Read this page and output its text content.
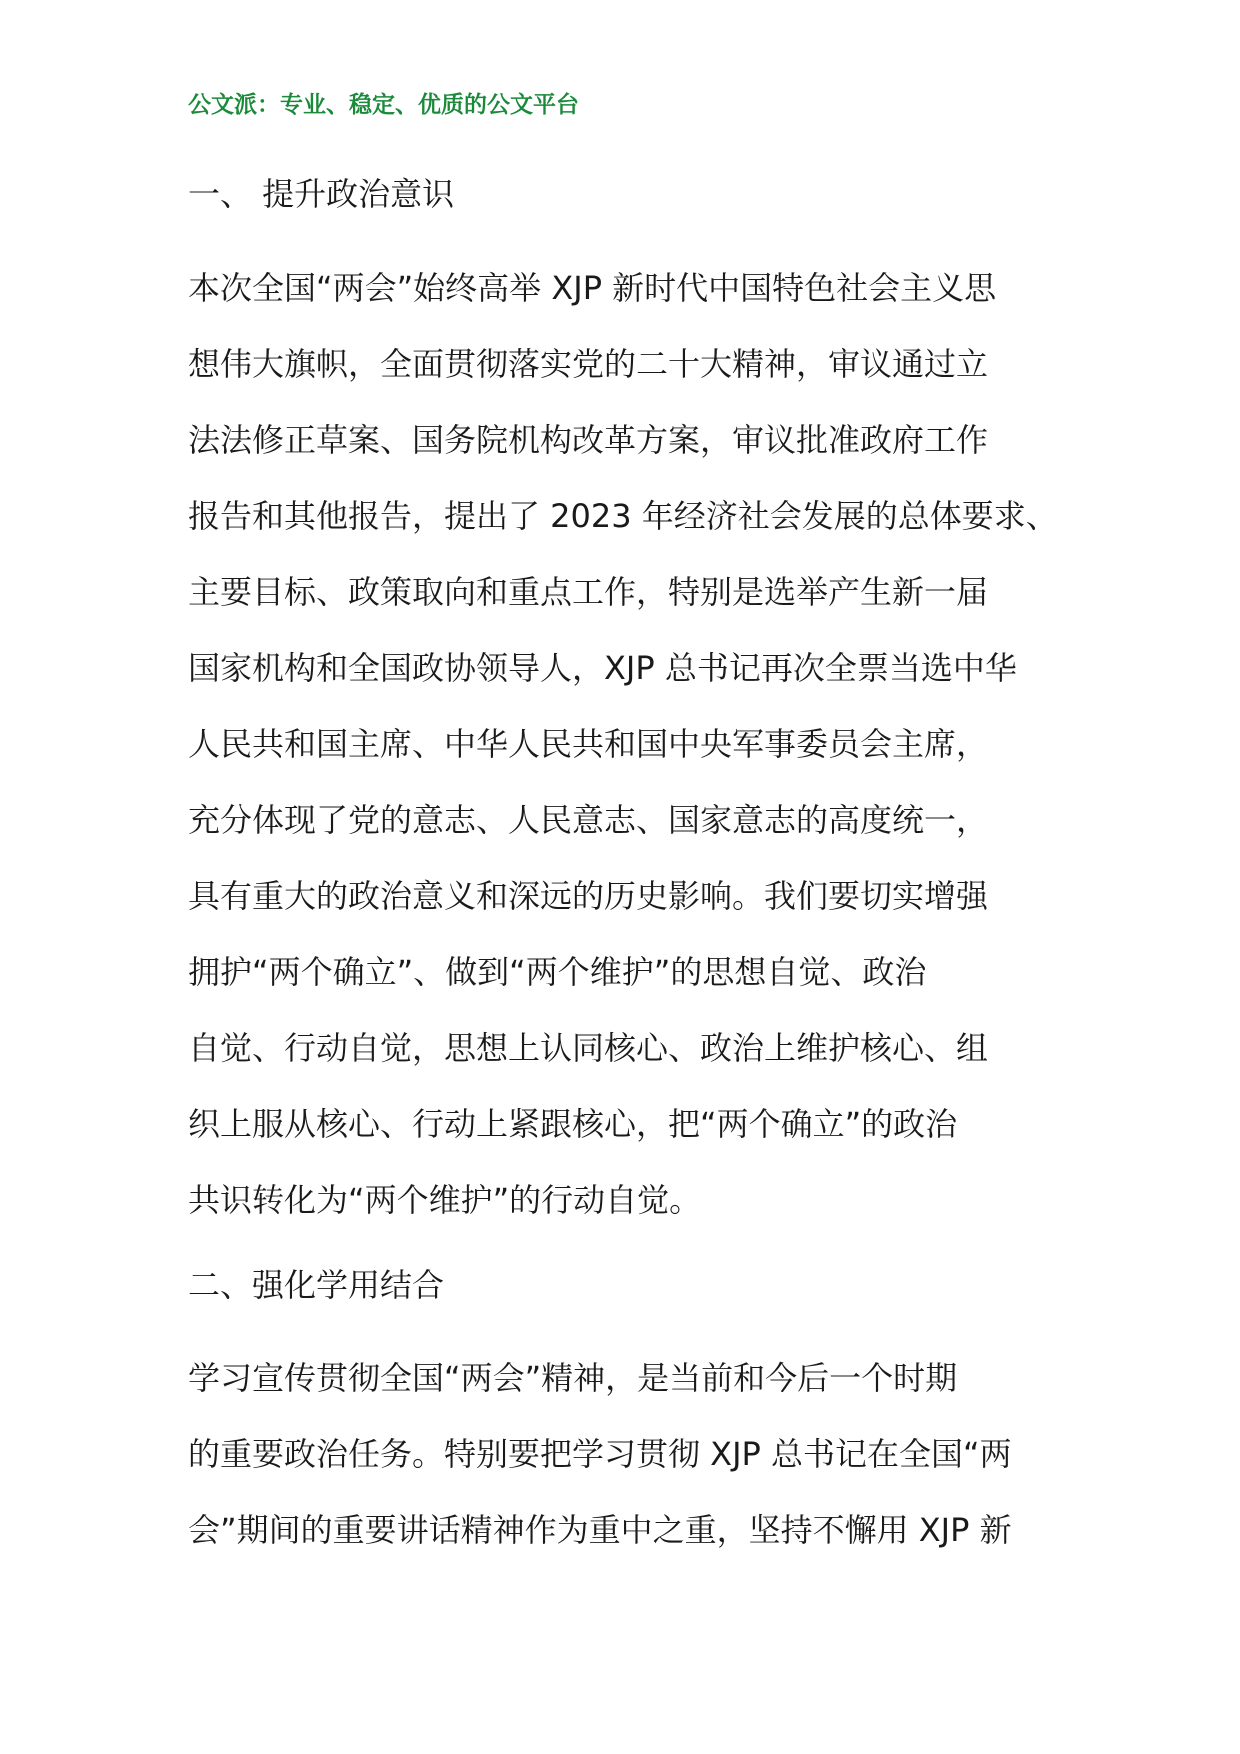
公文派：专业、稳定、优质的公文平台
一、 提升政治意识
本次全国“两会”始终高举 XJP 新时代中国特色社会主义思
想伟大旗帜，全面贯彻落实党的二十大精神，审议通过立
法法修正草案、国务院机构改革方案，审议批准政府工作
报告和其他报告，提出了 2023 年经济社会发展的总体要求、
主要目标、政策取向和重点工作，特别是选举产生新一届
国家机构和全国政协领导人，XJP 总书记再次全票当选中华
人民共和国主席、中华人民共和国中央军事委员会主席，
充分体现了党的意志、人民意志、国家意志的高度统一，
具有重大的政治意义和深远的历史影响。我们要切实增强
拥护“两个确立”、做到“两个维护”的思想自觉、政治
自觉、行动自觉，思想上认同核心、政治上维护核心、组
织上服从核心、行动上紧跟核心，把“两个确立”的政治
共识转化为“两个维护”的行动自觉。
二、强化学用结合
学习宣传贯彻全国“两会”精神，是当前和今后一个时期
的重要政治任务。特别要把学习贯彻 XJP 总书记在全国“两
会”期间的重要讲话精神作为重中之重，坚持不懈用 XJP 新
